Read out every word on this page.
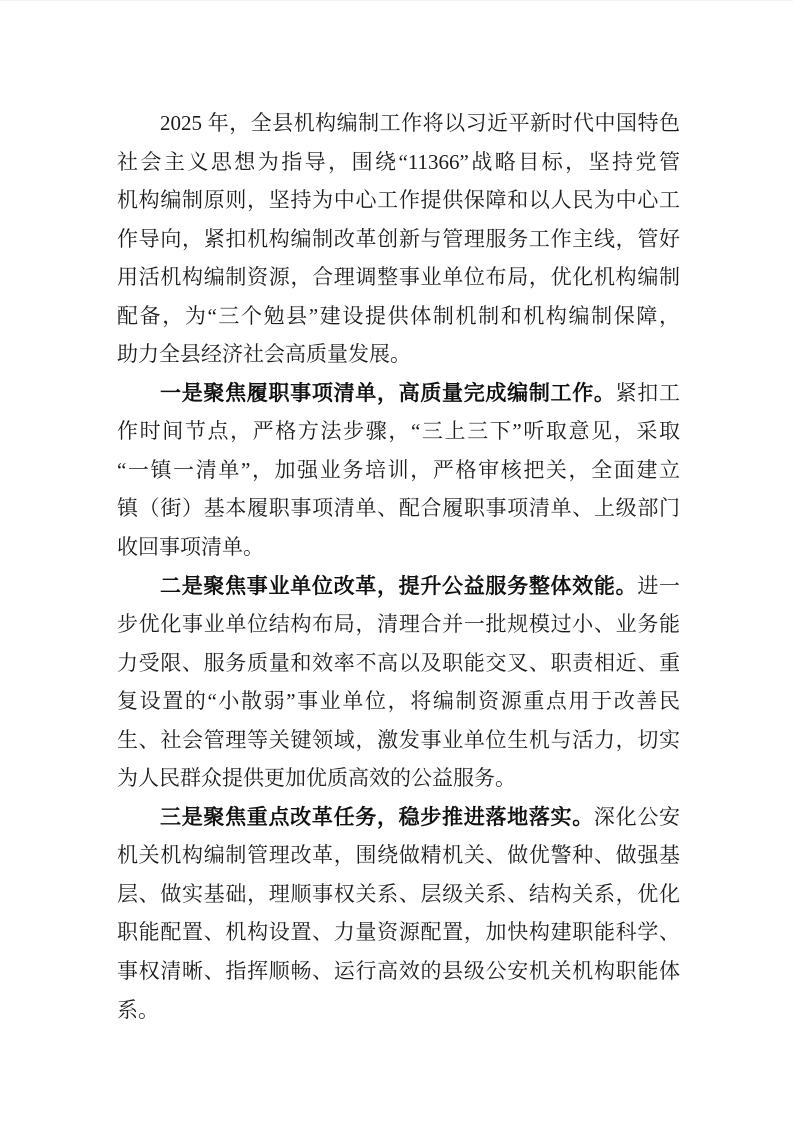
2025 年，全县机构编制工作将以习近平新时代中国特色
社会主义思想为指导，围绕“11366”战略目标，坚持党管
机构编制原则，坚持为中心工作提供保障和以人民为中心工
作导向，紧扣机构编制改革创新与管理服务工作主线，管好
用活机构编制资源，合理调整事业单位布局，优化机构编制
配备，为“三个勉县”建设提供体制机制和机构编制保障，
助力全县经济社会高质量发展。
一是聚焦履职事项清单，高质量完成编制工作。紧扣工
作时间节点，严格方法步骤，“三上三下”听取意见，采取
“一镇一清单”，加强业务培训，严格审核把关，全面建立
镇（街）基本履职事项清单、配合履职事项清单、上级部门
收回事项清单。
二是聚焦事业单位改革，提升公益服务整体效能。进一
步优化事业单位结构布局，清理合并一批规模过小、业务能
力受限、服务质量和效率不高以及职能交叉、职责相近、重
复设置的“小散弱”事业单位，将编制资源重点用于改善民
生、社会管理等关键领域，激发事业单位生机与活力，切实
为人民群众提供更加优质高效的公益服务。
三是聚焦重点改革任务，稳步推进落地落实。深化公安
机关机构编制管理改革，围绕做精机关、做优警种、做强基
层、做实基础，理顺事权关系、层级关系、结构关系，优化
职能配置、机构设置、力量资源配置，加快构建职能科学、
事权清晰、指挥顺畅、运行高效的县级公安机关机构职能体
系。
